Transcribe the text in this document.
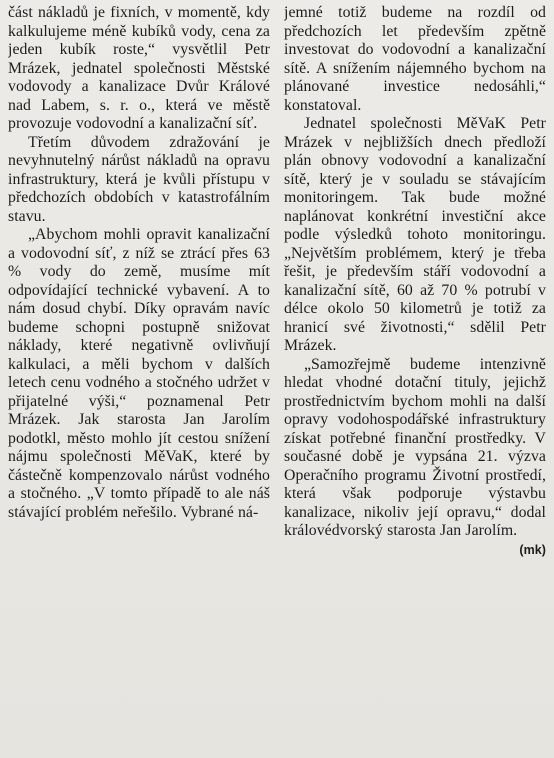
část nákladů je fixních, v momentě, kdy kalkulujeme méně kubíků vody, cena za jeden kubík roste,“ vysvětlil Petr Mrázek, jednatel společnosti Městské vodovody a kanalizace Dvůr Králové nad Labem, s. r. o., která ve městě provozuje vodovodní a kanalizační síť.

Třetím důvodem zdražování je nevyhnutelný nárůst nákladů na opravu infrastruktury, která je kvůli přístupu v předchozích obdobích v katastrofálním stavu.

„Abychom mohli opravit kanalizační a vodovodní síť, z níž se ztrácí přes 63 % vody do země, musíme mít odpovídající technické vybavení. A to nám dosud chybí. Díky opravám navíc budeme schopni postupně snižovat náklady, které negativně ovlivňují kalkulaci, a měli bychom v dalších letech cenu vodného a stočného udržet v přijatelné výši,“ poznamenal Petr Mrázek. Jak starosta Jan Jarolím podotkl, město mohlo jít cestou snížení nájmu společnosti MěVaK, které by částečně kompenzovalo nárůst vodného a stočného. „V tomto případě to ale náš stávající problém neřešilo. Vybrané ná-

jemné totiž budeme na rozdíl od předchozích let především zpětně investovat do vodovodní a kanalizační sítě. A snížením nájemného bychom na plánované investice nedosáhli,“ konstatoval.

Jednatel společnosti MěVaK Petr Mrázek v nejbližších dnech předloží plán obnovy vodovodní a kanalizační sítě, který je v souladu se stávajícím monitoringem. Tak bude možné naplánovat konkrétní investiční akce podle výsledků tohoto monitoringu. „Největším problémem, který je třeba řešit, je především stáří vodovodní a kanalizační sítě, 60 až 70 % potrubí v délce okolo 50 kilometrů je totiž za hranicí své životnosti,“ sdělil Petr Mrázek.

„Samozřejmě budeme intenzivně hledat vhodné dotační tituly, jejichž prostřednictvím bychom mohli na další opravy vodohospodářské infrastruktury získat potřebné finanční prostředky. V současné době je vypsána 21. výzva Operačního programu Životní prostředí, která však podporuje výstavbu kanalizace, nikoliv její opravu,“ dodal královédvorský starosta Jan Jarolím.
(mk)
